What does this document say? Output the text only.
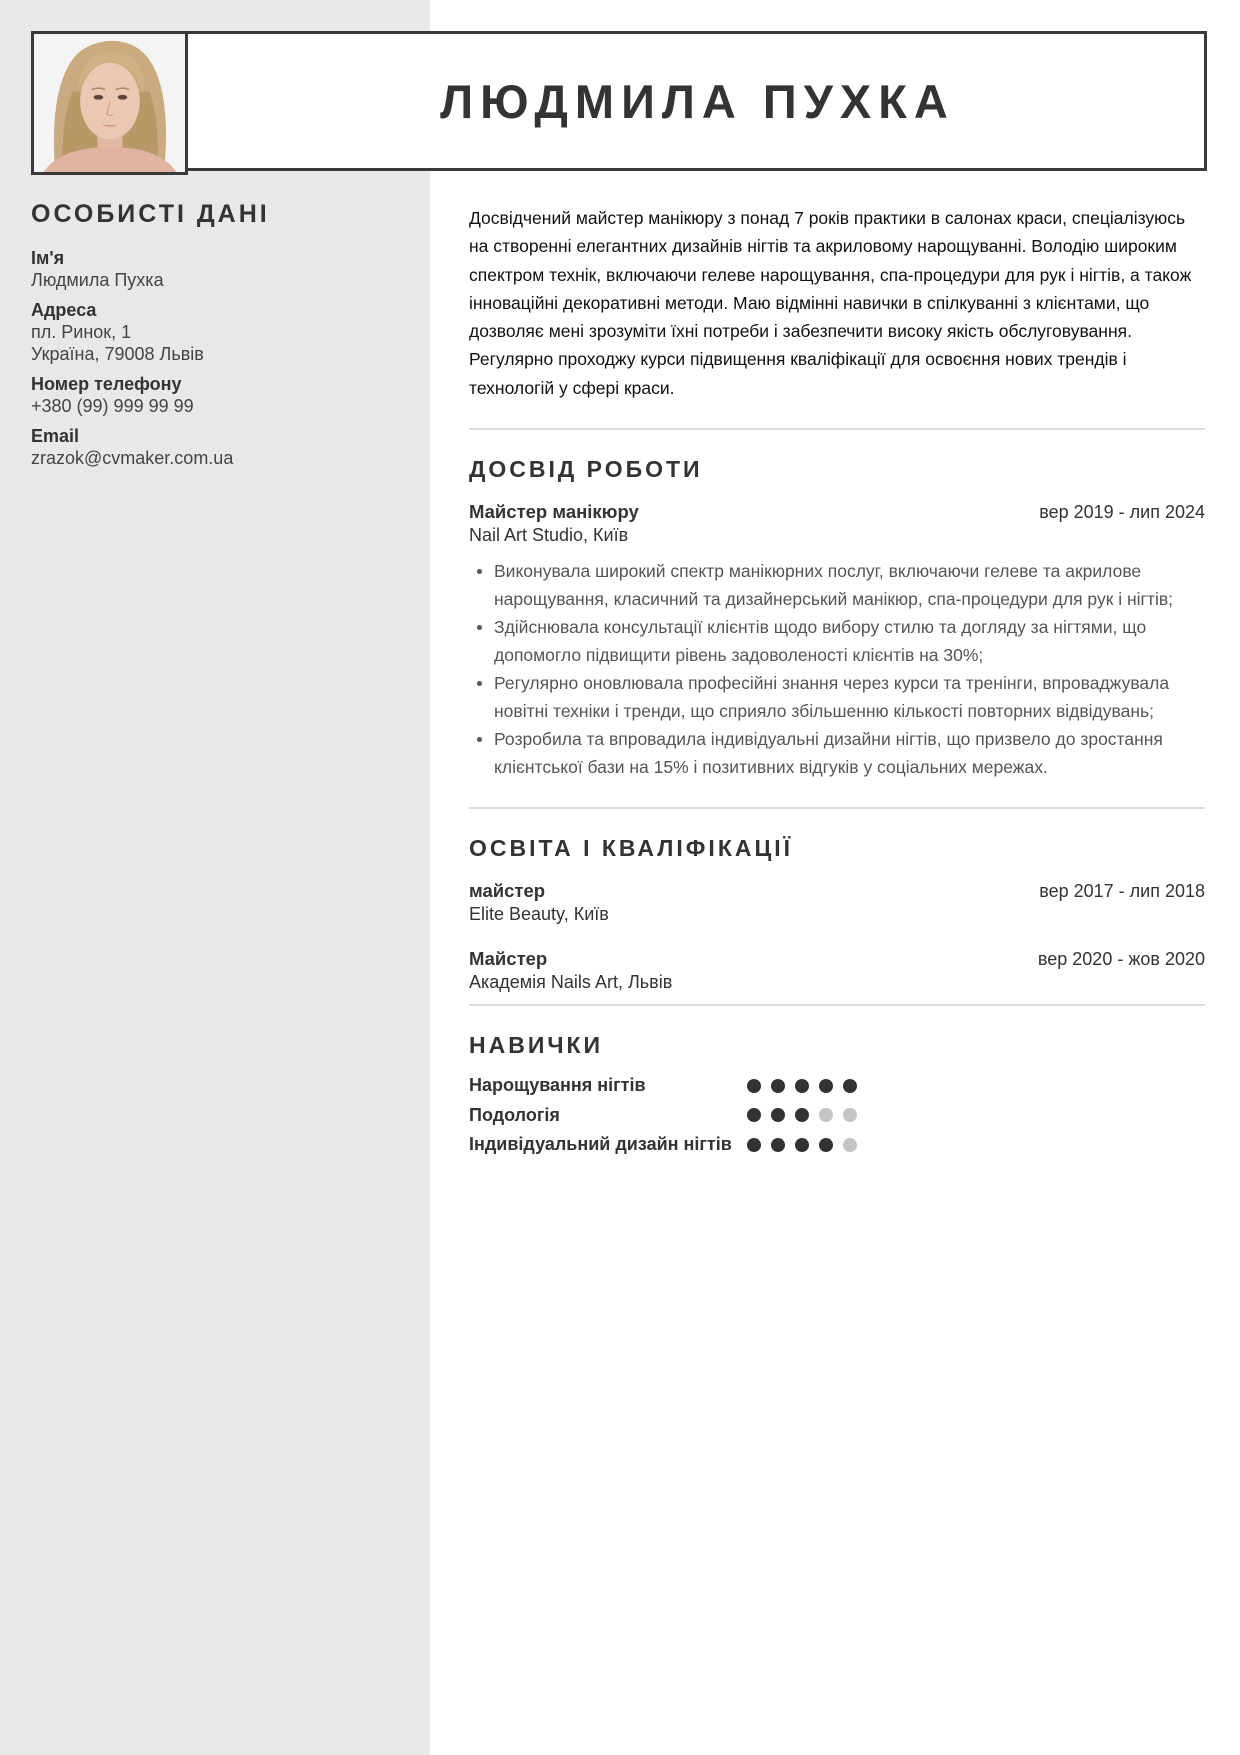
ЛЮДМИЛА ПУХКА
ОСОБИСТІ ДАНІ
Ім'я
Людмила Пухка
Адреса
пл. Ринок, 1
Україна, 79008 Львів
Номер телефону
+380 (99) 999 99 99
Email
zrazok@cvmaker.com.ua
Досвідчений майстер манікюру з понад 7 років практики в салонах краси, спеціалізуюсь на створенні елегантних дизайнів нігтів та акриловому нарощуванні. Володію широким спектром технік, включаючи гелеве нарощування, спа-процедури для рук і нігтів, а також інноваційні декоративні методи. Маю відмінні навички в спілкуванні з клієнтами, що дозволяє мені зрозуміти їхні потреби і забезпечити високу якість обслуговування. Регулярно проходжу курси підвищення кваліфікації для освоєння нових трендів і технологій у сфері краси.
ДОСВІД РОБОТИ
Майстер манікюру	вер 2019 - лип 2024
Nail Art Studio, Київ
Виконувала широкий спектр манікюрних послуг, включаючи гелеве та акрилове нарощування, класичний та дизайнерський манікюр, спа-процедури для рук і нігтів;
Здійснювала консультації клієнтів щодо вибору стилю та догляду за нігтями, що допомогло підвищити рівень задоволеності клієнтів на 30%;
Регулярно оновлювала професійні знання через курси та тренінги, впроваджувала новітні техніки і тренди, що сприяло збільшенню кількості повторних відвідувань;
Розробила та впровадила індивідуальні дизайни нігтів, що призвело до зростання клієнтської бази на 15% і позитивних відгуків у соціальних мережах.
ОСВІТА І КВАЛІФІКАЦІЇ
майстер	вер 2017 - лип 2018
Elite Beauty, Київ
Майстер	вер 2020 - жов 2020
Академія Nails Art, Львів
НАВИЧКИ
Нарощування нігтів
Подологія
Індивідуальний дизайн нігтів
